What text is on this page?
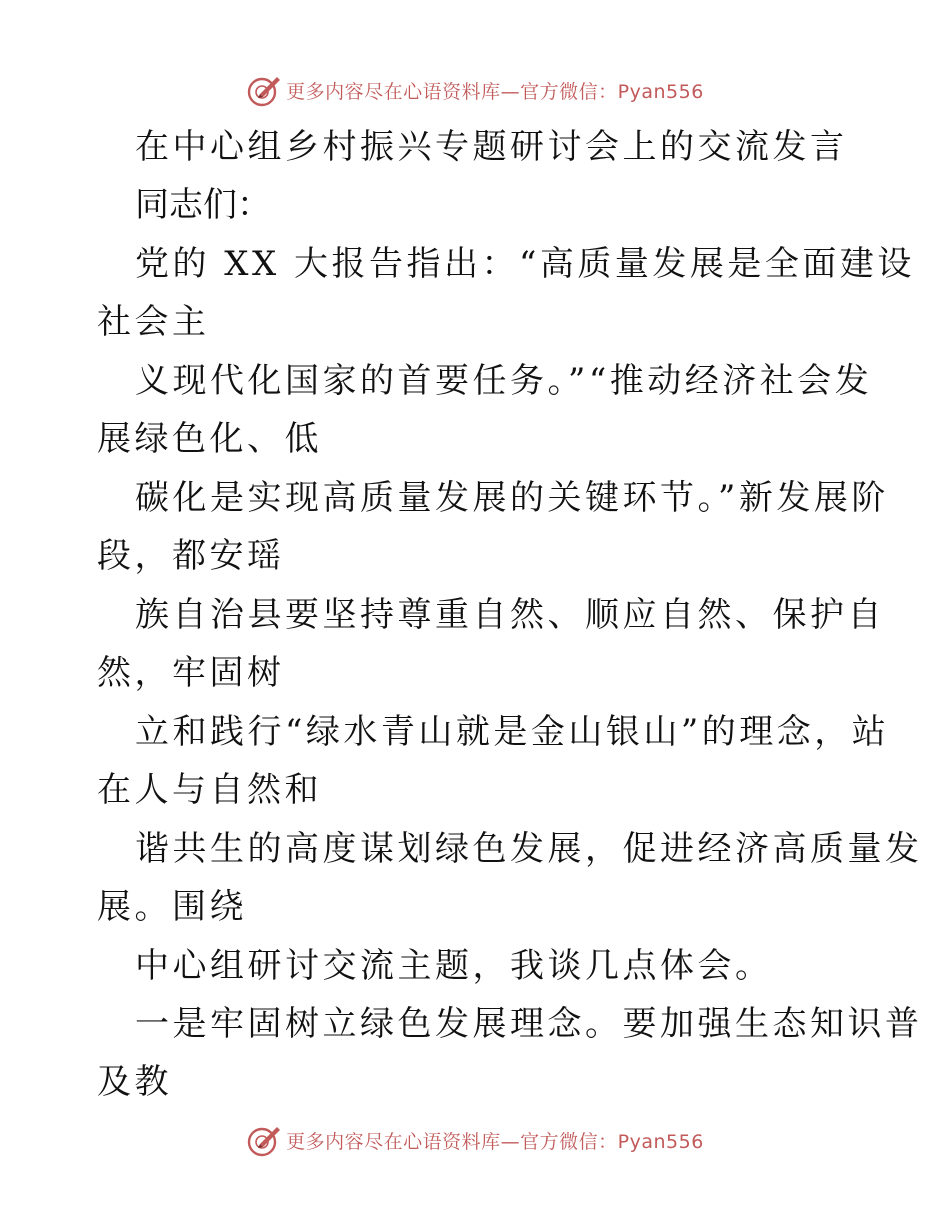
更多内容尽在心语资料库—官方微信：Pyan556
在中心组乡村振兴专题研讨会上的交流发言
同志们：
党的 XX 大报告指出：“高质量发展是全面建设
社会主
义现代化国家的首要任务。”“推动经济社会发
展绿色化、低
碳化是实现高质量发展的关键环节。”新发展阶
段，都安瑶
族自治县要坚持尊重自然、顺应自然、保护自
然，牢固树
立和践行“绿水青山就是金山银山”的理念，站
在人与自然和
谐共生的高度谋划绿色发展，促进经济高质量发
展。围绕
中心组研讨交流主题，我谈几点体会。
一是牢固树立绿色发展理念。要加强生态知识普
及教
更多内容尽在心语资料库—官方微信：Pyan556
